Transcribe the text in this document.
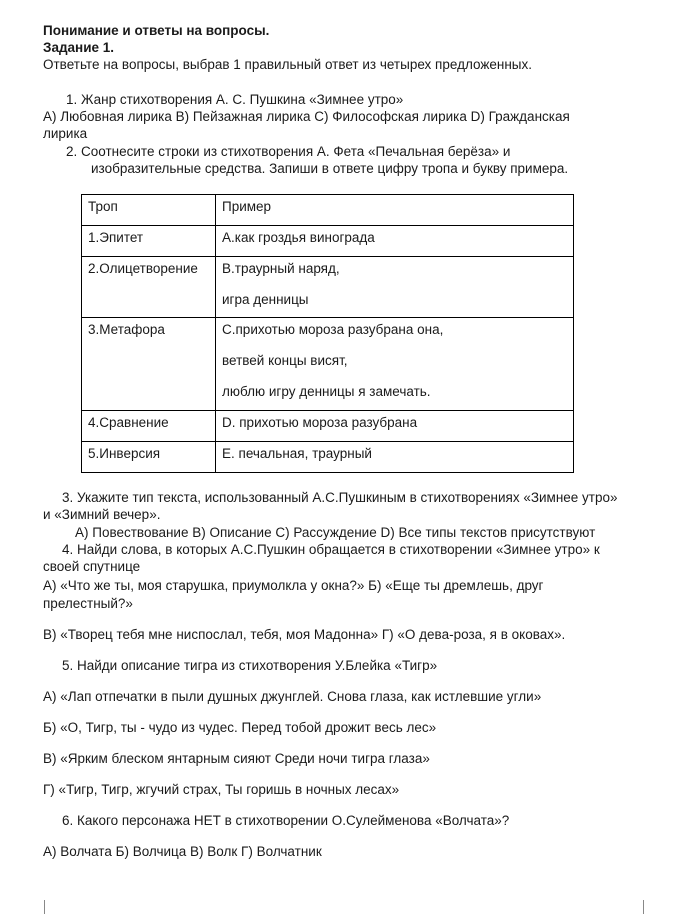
Понимание и ответы на вопросы.
Задание 1.
Ответьте на вопросы, выбрав 1 правильный ответ из четырех предложенных.
1. Жанр стихотворения А. С. Пушкина «Зимнее утро»
А) Любовная лирика В) Пейзажная лирика С) Философская лирика D) Гражданская
лирика
2. Соотнесите строки из стихотворения А. Фета «Печальная берёза» и
изобразительные средства. Запиши в ответе цифру тропа и букву примера.
Троп	Пример
1.Эпитет	А.как гроздья винограда

2.Олицетворение	В.траурный наряд,
игра денницы

3.Метафора	С.прихотью мороза разубрана она,
ветвей концы висят,
люблю игру денницы я замечать.

4.Сравнение	D. прихотью мороза разубрана

5.Инверсия	Е. печальная, траурный
3. Укажите тип текста, использованный А.С.Пушкиным в стихотворениях «Зимнее утро»
и «Зимний вечер».
А) Повествование В) Описание С) Рассуждение D) Все типы текстов присутствуют
4. Найди слова, в которых А.С.Пушкин обращается в стихотворении «Зимнее утро» к
своей спутнице
А) «Что же ты, моя старушка, приумолкла у окна?» Б) «Еще ты дремлешь, друг
прелестный?»
В) «Творец тебя мне ниспослал, тебя, моя Мадонна» Г) «О дева-роза, я в оковах».
5. Найди описание тигра из стихотворения У.Блейка «Тигр»
А) «Лап отпечатки в пыли душных джунглей. Снова глаза, как истлевшие угли»
Б) «О, Тигр, ты - чудо из чудес. Перед тобой дрожит весь лес»
В) «Ярким блеском янтарным сияют Среди ночи тигра глаза»
Г) «Тигр, Тигр, жгучий страх, Ты горишь в ночных лесах»
6. Какого персонажа НЕТ в стихотворении О.Сулейменова «Волчата»?
А) Волчата Б) Волчица В) Волк Г) Волчатник
